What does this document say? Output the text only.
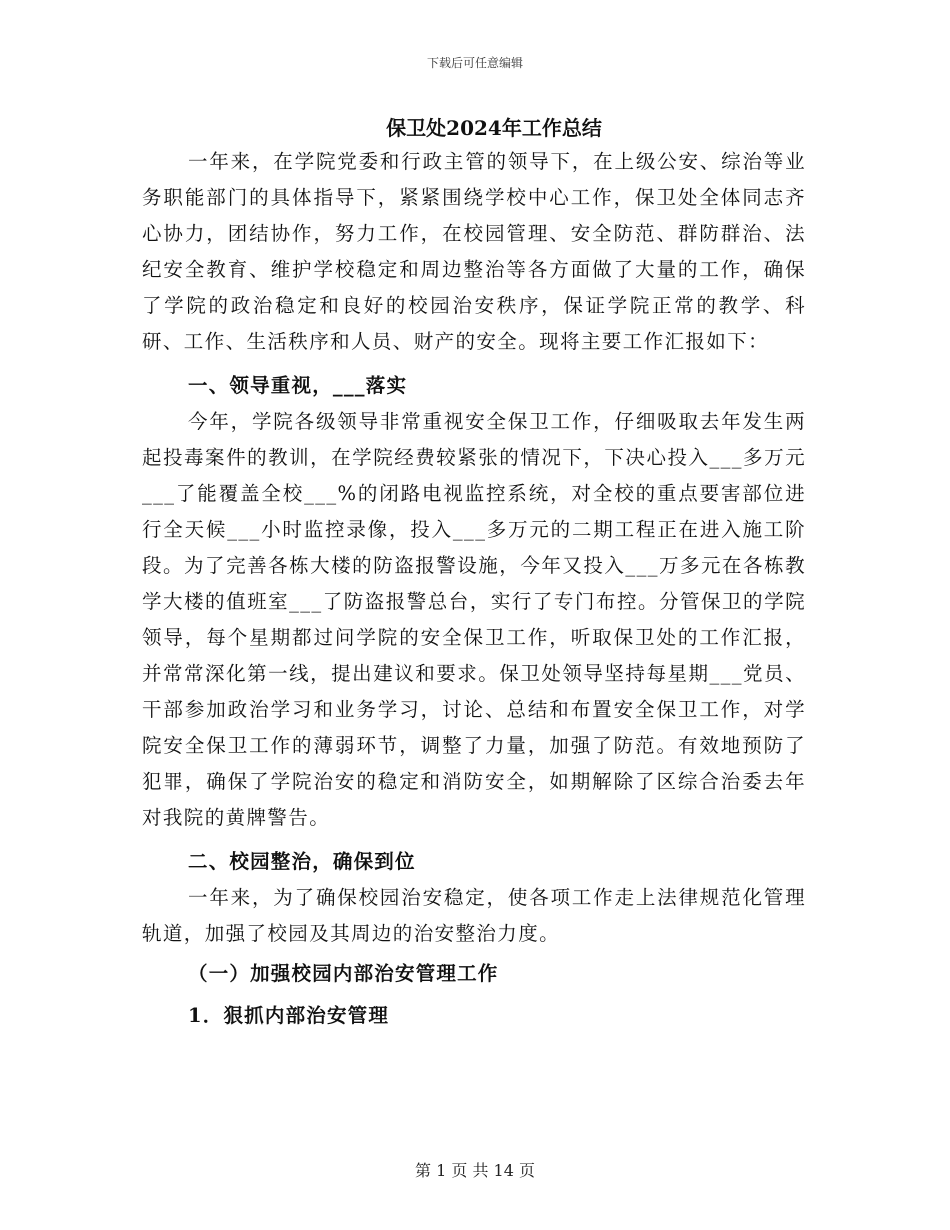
下载后可任意编辑

保卫处2024年工作总结

一年来，在学院党委和行政主管的领导下，在上级公安、综治等业务职能部门的具体指导下，紧紧围绕学校中心工作，保卫处全体同志齐心协力，团结协作，努力工作，在校园管理、安全防范、群防群治、法纪安全教育、维护学校稳定和周边整治等各方面做了大量的工作，确保了学院的政治稳定和良好的校园治安秩序，保证学院正常的教学、科研、工作、生活秩序和人员、财产的安全。现将主要工作汇报如下：

一、领导重视，___落实

今年，学院各级领导非常重视安全保卫工作，仔细吸取去年发生两起投毒案件的教训，在学院经费较紧张的情况下，下决心投入___多万元___了能覆盖全校___%的闭路电视监控系统，对全校的重点要害部位进行全天候___小时监控录像，投入___多万元的二期工程正在进入施工阶段。为了完善各栋大楼的防盗报警设施，今年又投入___万多元在各栋教学大楼的值班室___了防盗报警总台，实行了专门布控。分管保卫的学院领导，每个星期都过问学院的安全保卫工作，听取保卫处的工作汇报，并常常深化第一线，提出建议和要求。保卫处领导坚持每星期___党员、干部参加政治学习和业务学习，讨论、总结和布置安全保卫工作，对学院安全保卫工作的薄弱环节，调整了力量，加强了防范。有效地预防了犯罪，确保了学院治安的稳定和消防安全，如期解除了区综合治委去年对我院的黄牌警告。

二、校园整治，确保到位

一年来，为了确保校园治安稳定，使各项工作走上法律规范化管理轨道，加强了校园及其周边的治安整治力度。

（一）加强校园内部治安管理工作

1．狠抓内部治安管理

第 1 页 共 14 页
